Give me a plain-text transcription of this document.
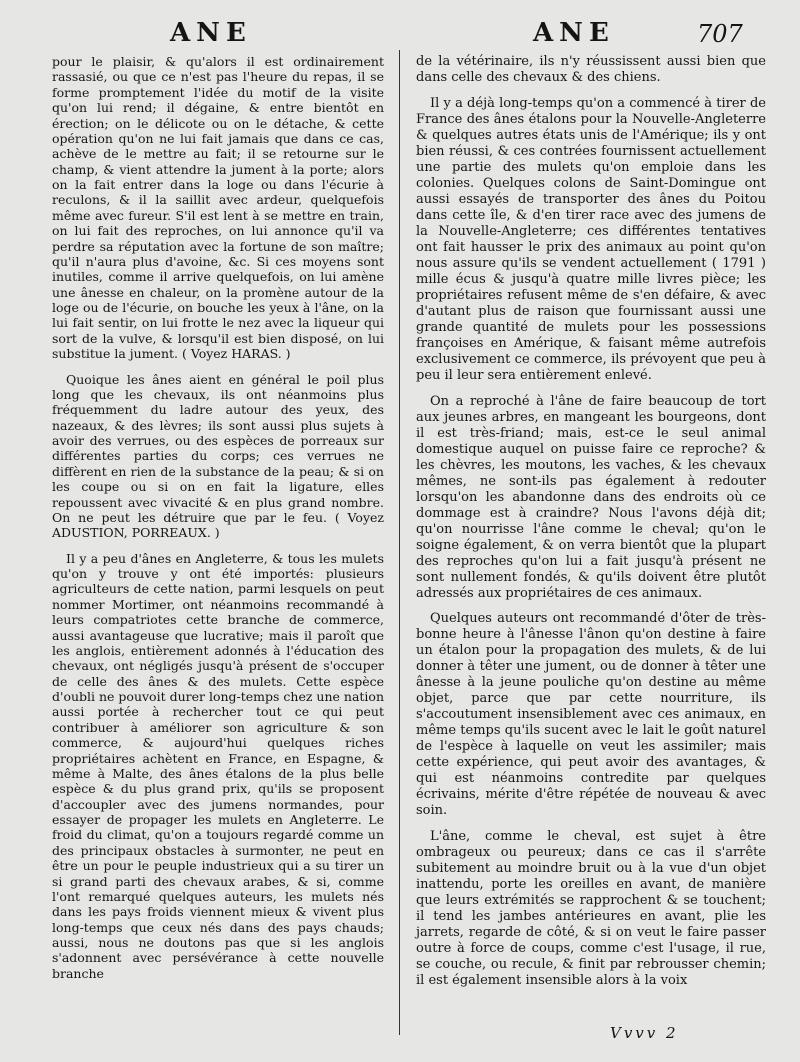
ANE	ANE	707

pour le plaisir, & qu'alors il est ordinairement rassasié, ou que ce n'est pas l'heure du repas, il se forme promptement l'idée du motif de la visite qu'on lui rend; il dégaine, & entre bientôt en érection; on le délicote ou on le détache, & cette opération qu'on ne lui fait jamais que dans ce cas, achève de le mettre au fait; il se retourne sur le champ, & vient attendre la jument à la porte; alors on la fait entrer dans la loge ou dans l'écurie à reculons, & il la saillit avec ardeur, quelquefois même avec fureur. S'il est lent à se mettre en train, on lui fait des reproches, on lui annonce qu'il va perdre sa réputation avec la fortune de son maître; qu'il n'aura plus d'avoine, &c. Si ces moyens sont inutiles, comme il arrive quelquefois, on lui amène une ânesse en chaleur, on la promène autour de la loge ou de l'écurie, on bouche les yeux à l'âne, on la lui fait sentir, on lui frotte le nez avec la liqueur qui sort de la vulve, & lorsqu'il est bien disposé, on lui substitue la jument. ( Voyez HARAS. )

Quoique les ânes aient en général le poil plus long que les chevaux, ils ont néanmoins plus fréquemment du ladre autour des yeux, des nazeaux, & des lèvres; ils sont aussi plus sujets à avoir des verrues, ou des espèces de porreaux sur différentes parties du corps; ces verrues ne diffèrent en rien de la substance de la peau; & si on les coupe ou si on en fait la ligature, elles repoussent avec vivacité & en plus grand nombre. On ne peut les détruire que par le feu. ( Voyez ADUSTION, PORREAUX. )

Il y a peu d'ânes en Angleterre, & tous les mulets qu'on y trouve y ont été importés: plusieurs agriculteurs de cette nation, parmi lesquels on peut nommer Mortimer, ont néanmoins recommandé à leurs compatriotes cette branche de commerce, aussi avantageuse que lucrative; mais il paroît que les anglois, entièrement adonnés à l'éducation des chevaux, ont négligés jusqu'à présent de s'occuper de celle des ânes & des mulets. Cette espèce d'oubli ne pouvoit durer long-temps chez une nation aussi portée à rechercher tout ce qui peut contribuer à améliorer son agriculture & son commerce, & aujourd'hui quelques riches propriétaires achètent en France, en Espagne, & même à Malte, des ânes étalons de la plus belle espèce & du plus grand prix, qu'ils se proposent d'accoupler avec des jumens normandes, pour essayer de propager les mulets en Angleterre. Le froid du climat, qu'on a toujours regardé comme un des principaux obstacles à surmonter, ne peut en être un pour le peuple industrieux qui a su tirer un si grand parti des chevaux arabes, & si, comme l'ont remarqué quelques auteurs, les mulets nés dans les pays froids viennent mieux & vivent plus long-temps que ceux nés dans des pays chauds; aussi, nous ne doutons pas que si les anglois s'adonnent avec persévérance à cette nouvelle branche

de la vétérinaire, ils n'y réussissent aussi bien que dans celle des chevaux & des chiens.

Il y a déjà long-temps qu'on a commencé à tirer de France des ânes étalons pour la Nouvelle-Angleterre & quelques autres états unis de l'Amérique; ils y ont bien réussi, & ces contrées fournissent actuellement une partie des mulets qu'on emploie dans les colonies. Quelques colons de Saint-Domingue ont aussi essayés de transporter des ânes du Poitou dans cette île, & d'en tirer race avec des jumens de la Nouvelle-Angleterre; ces différentes tentatives ont fait hausser le prix des animaux au point qu'on nous assure qu'ils se vendent actuellement ( 1791 ) mille écus & jusqu'à quatre mille livres pièce; les propriétaires refusent même de s'en défaire, & avec d'autant plus de raison que fournissant aussi une grande quantité de mulets pour les possessions françoises en Amérique, & faisant même autrefois exclusivement ce commerce, ils prévoyent que peu à peu il leur sera entièrement enlevé.

On a reproché à l'âne de faire beaucoup de tort aux jeunes arbres, en mangeant les bourgeons, dont il est très-friand; mais, est-ce le seul animal domestique auquel on puisse faire ce reproche? & les chèvres, les moutons, les vaches, & les chevaux mêmes, ne sont-ils pas également à redouter lorsqu'on les abandonne dans des endroits où ce dommage est à craindre? Nous l'avons déjà dit; qu'on nourrisse l'âne comme le cheval; qu'on le soigne également, & on verra bientôt que la plupart des reproches qu'on lui a fait jusqu'à présent ne sont nullement fondés, & qu'ils doivent être plutôt adressés aux propriétaires de ces animaux.

Quelques auteurs ont recommandé d'ôter de très-bonne heure à l'ânesse l'ânon qu'on destine à faire un étalon pour la propagation des mulets, & de lui donner à têter une jument, ou de donner à têter une ânesse à la jeune pouliche qu'on destine au même objet, parce que par cette nourriture, ils s'accoutument insensiblement avec ces animaux, en même temps qu'ils sucent avec le lait le goût naturel de l'espèce à laquelle on veut les assimiler; mais cette expérience, qui peut avoir des avantages, & qui est néanmoins contredite par quelques écrivains, mérite d'être répétée de nouveau & avec soin.

L'âne, comme le cheval, est sujet à être ombrageux ou peureux; dans ce cas il s'arrête subitement au moindre bruit ou à la vue d'un objet inattendu, porte les oreilles en avant, de manière que leurs extrémités se rapprochent & se touchent; il tend les jambes antérieures en avant, plie les jarrets, regarde de côté, & si on veut le faire passer outre à force de coups, comme c'est l'usage, il rue, se couche, ou recule, & finit par rebrousser chemin; il est également insensible alors à la voix

Vvvv 2
